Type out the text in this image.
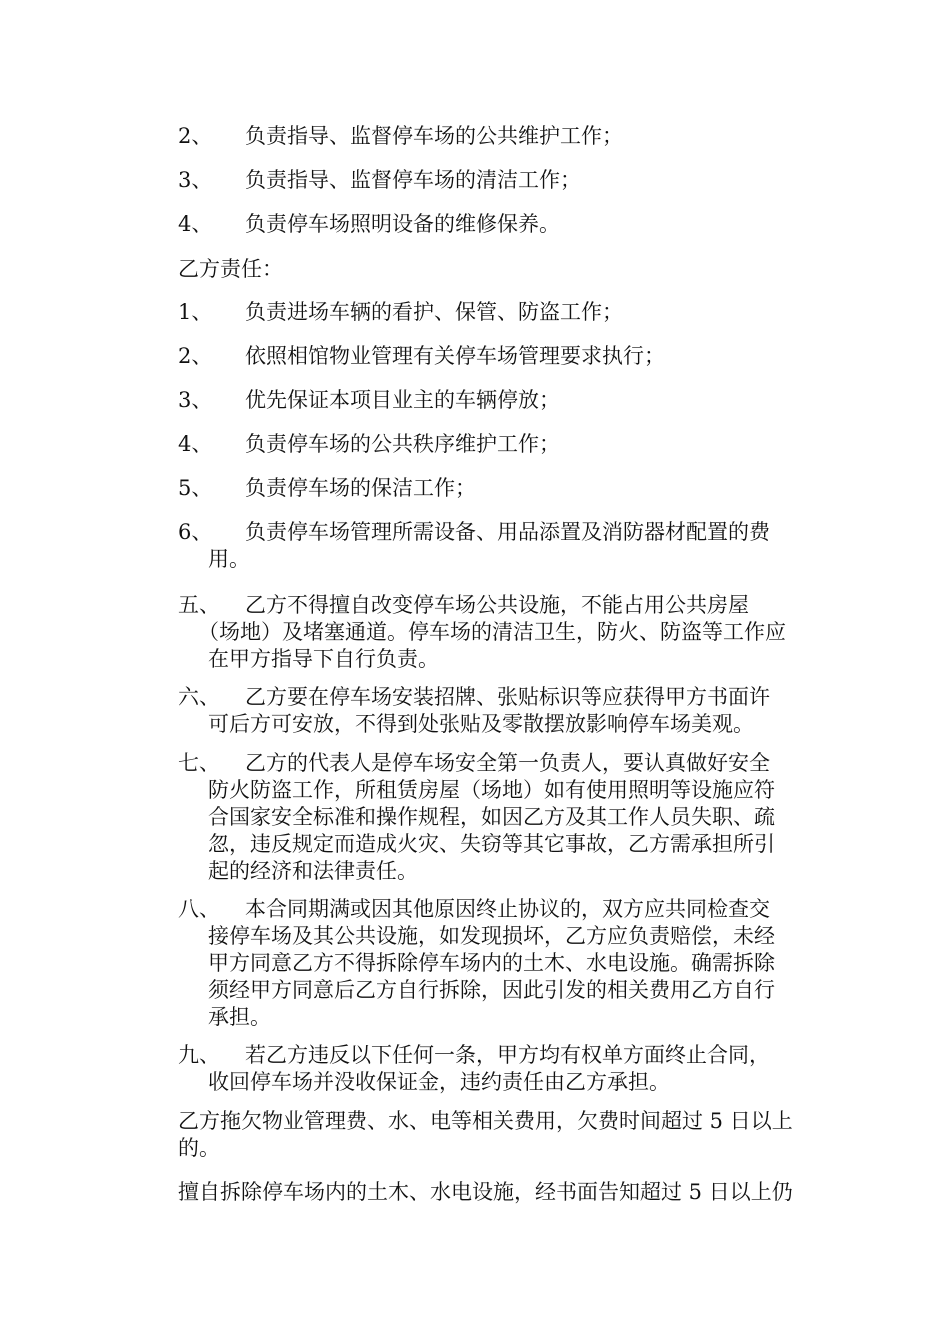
2、 负责指导、监督停车场的公共维护工作；
3、 负责指导、监督停车场的清洁工作；
4、 负责停车场照明设备的维修保养。
乙方责任：
1、 负责进场车辆的看护、保管、防盗工作；
2、 依照相馆物业管理有关停车场管理要求执行；
3、 优先保证本项目业主的车辆停放；
4、 负责停车场的公共秩序维护工作；
5、 负责停车场的保洁工作；
6、 负责停车场管理所需设备、用品添置及消防器材配置的费
用。
五、 乙方不得擅自改变停车场公共设施，不能占用公共房屋
（场地）及堵塞通道。停车场的清洁卫生，防火、防盗等工作应
在甲方指导下自行负责。
六、 乙方要在停车场安装招牌、张贴标识等应获得甲方书面许
可后方可安放，不得到处张贴及零散摆放影响停车场美观。
七、 乙方的代表人是停车场安全第一负责人，要认真做好安全
防火防盗工作，所租赁房屋（场地）如有使用照明等设施应符
合国家安全标准和操作规程，如因乙方及其工作人员失职、疏
忽，违反规定而造成火灾、失窃等其它事故，乙方需承担所引
起的经济和法律责任。
八、 本合同期满或因其他原因终止协议的，双方应共同检查交
接停车场及其公共设施，如发现损坏，乙方应负责赔偿，未经
甲方同意乙方不得拆除停车场内的土木、水电设施。确需拆除
须经甲方同意后乙方自行拆除，因此引发的相关费用乙方自行
承担。
九、 若乙方违反以下任何一条，甲方均有权单方面终止合同，
收回停车场并没收保证金，违约责任由乙方承担。
乙方拖欠物业管理费、水、电等相关费用，欠费时间超过 5 日以上
的。
擅自拆除停车场内的土木、水电设施，经书面告知超过 5 日以上仍
